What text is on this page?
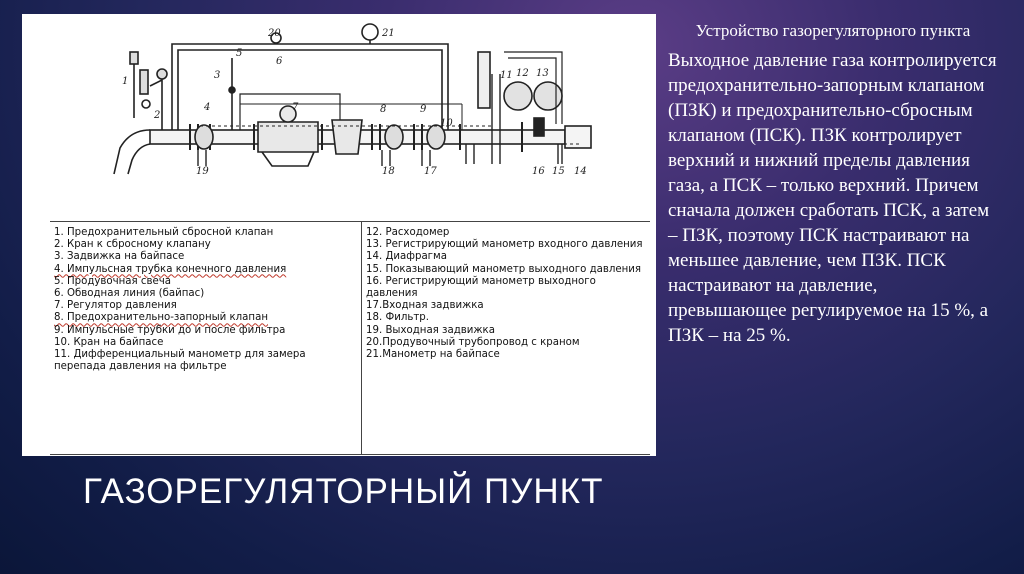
1
2
3
4
5
6
7	8	9
10
11 12 13
14
15
16
17
18
19
20	21
1. Предохранительный сбросной клапан
2. Кран к сбросному клапану
3. Задвижка на байпасе
4. Импульсная трубка конечного давления
5. Продувочная свеча
6. Обводная линия (байпас)
7. Регулятор давления
8. Предохранительно-запорный клапан
9. Импульсные трубки до и после фильтра
10. Кран на байпасе
11. Дифференциальный манометр для замера перепада давления на фильтре
12. Расходомер
13. Регистрирующий манометр входного давления
14. Диафрагма
15. Показывающий манометр выходного давления
16. Регистрирующий манометр выходного давления
17.Входная задвижка
18. Фильтр.
19. Выходная задвижка
20.Продувочный трубопровод с краном
21.Манометр на байпасе
Устройство газорегуляторного пункта
Выходное давление газа контролируется предохранительно-запорным клапаном (ПЗК) и предохранительно-сбросным клапаном (ПСК). ПЗК контролирует верхний и нижний пределы давления газа, а ПСК – только верхний. Причем сначала должен сработать ПСК, а затем – ПЗК, поэтому ПСК настраивают на меньшее давление, чем ПЗК. ПСК настраивают на давление, превышающее регулируемое на 15 %, а ПЗК – на 25 %.
ГАЗОРЕГУЛЯТОРНЫЙ ПУНКТ
